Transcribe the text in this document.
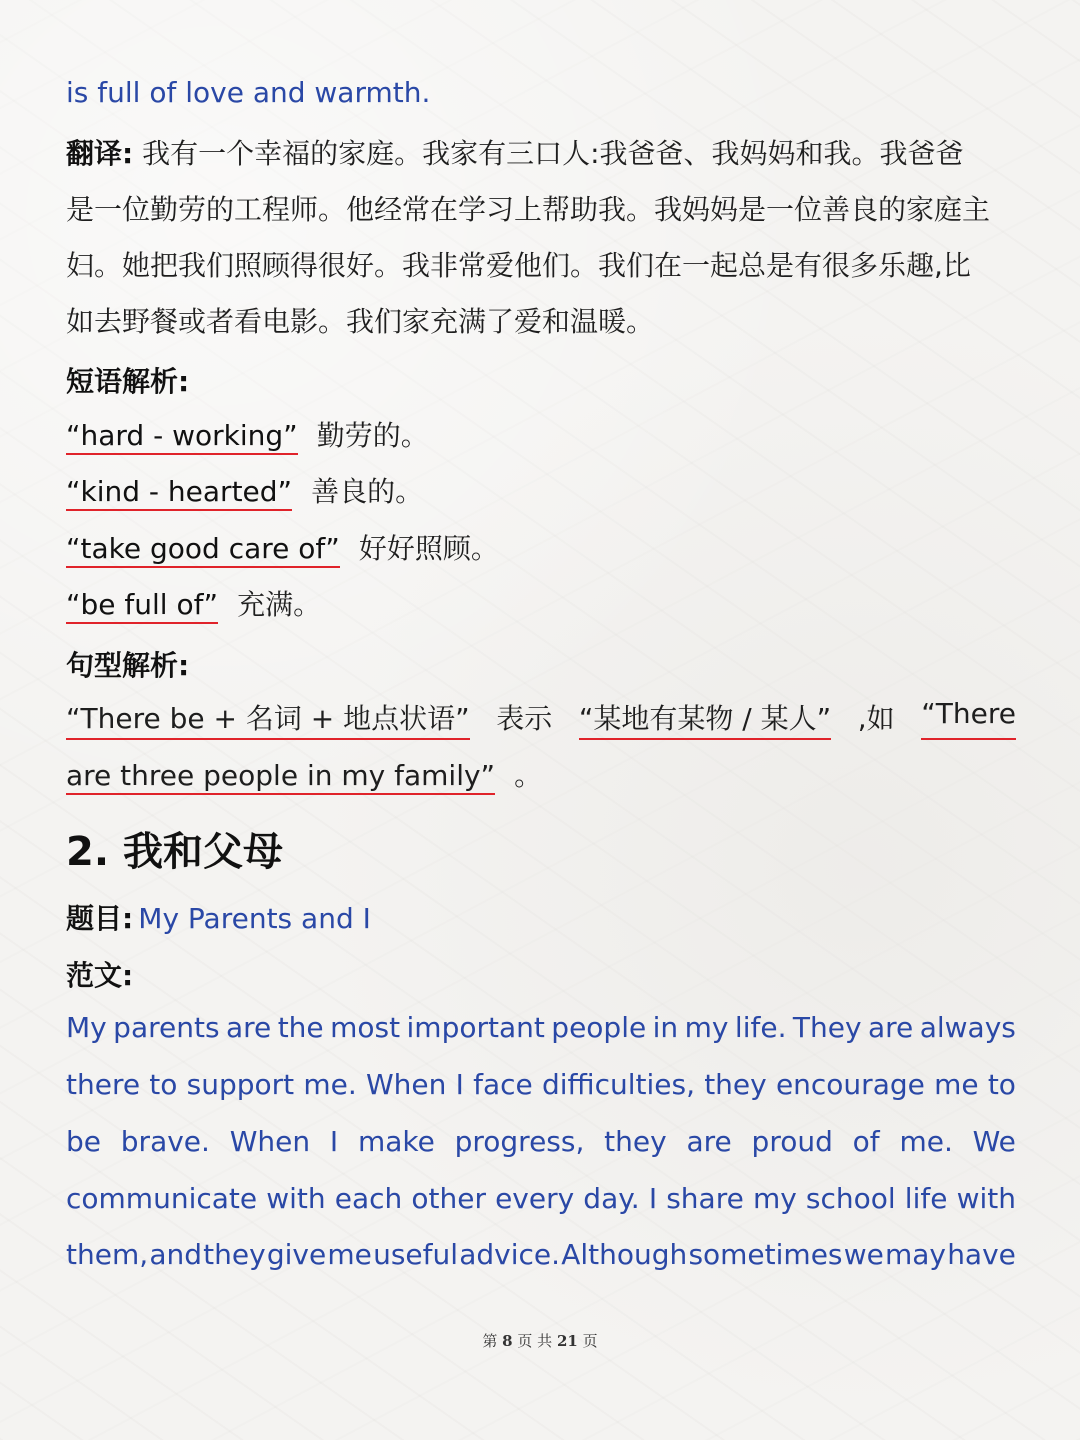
is full of love and warmth.
翻译: 我有一个幸福的家庭。我家有三口人:我爸爸、我妈妈和我。我爸爸
是一位勤劳的工程师。他经常在学习上帮助我。我妈妈是一位善良的家庭主
妇。她把我们照顾得很好。我非常爱他们。我们在一起总是有很多乐趣,比
如去野餐或者看电影。我们家充满了爱和温暖。
短语解析:
“hard - working” 勤劳的。
“kind - hearted” 善良的。
“take good care of” 好好照顾。
“be full of” 充满。
句型解析:
“There be + 名词 + 地点状语” 表示 “某地有某物 / 某人” ,如 “There
are three people in my family” 。
2. 我和父母
题目: My Parents and I
范文:
My parents are the most important people in my life. They are always
there to support me. When I face difficulties, they encourage me to
be brave. When I make progress, they are proud of me. We
communicate with each other every day. I share my school life with
them, and they give me useful advice. Although sometimes we may have
第 8 页 共 21 页
